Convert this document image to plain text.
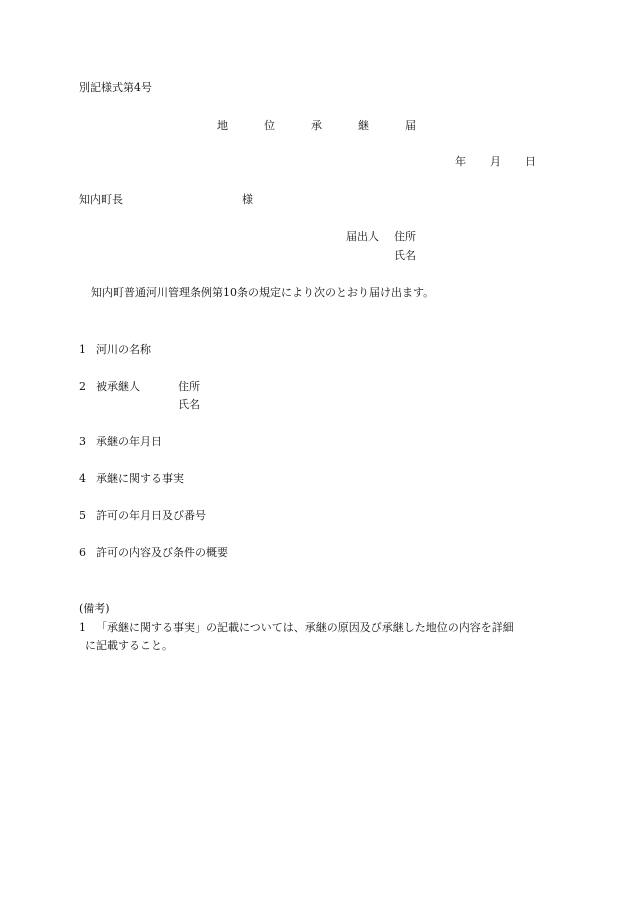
別記様式第4号
地	位	承	継	届
年 月 日
知内町長	様
届出人 住所
氏名
知内町普通河川管理条例第10条の規定により次のとおり届け出ます。
1 河川の名称
2 被承継人	住所
氏名
3 承継の年月日
4 承継に関する事実
5 許可の年月日及び番号
6 許可の内容及び条件の概要
(備考)
1 「承継に関する事実」の記載については、承継の原因及び承継した地位の内容を詳細
に記載すること。
